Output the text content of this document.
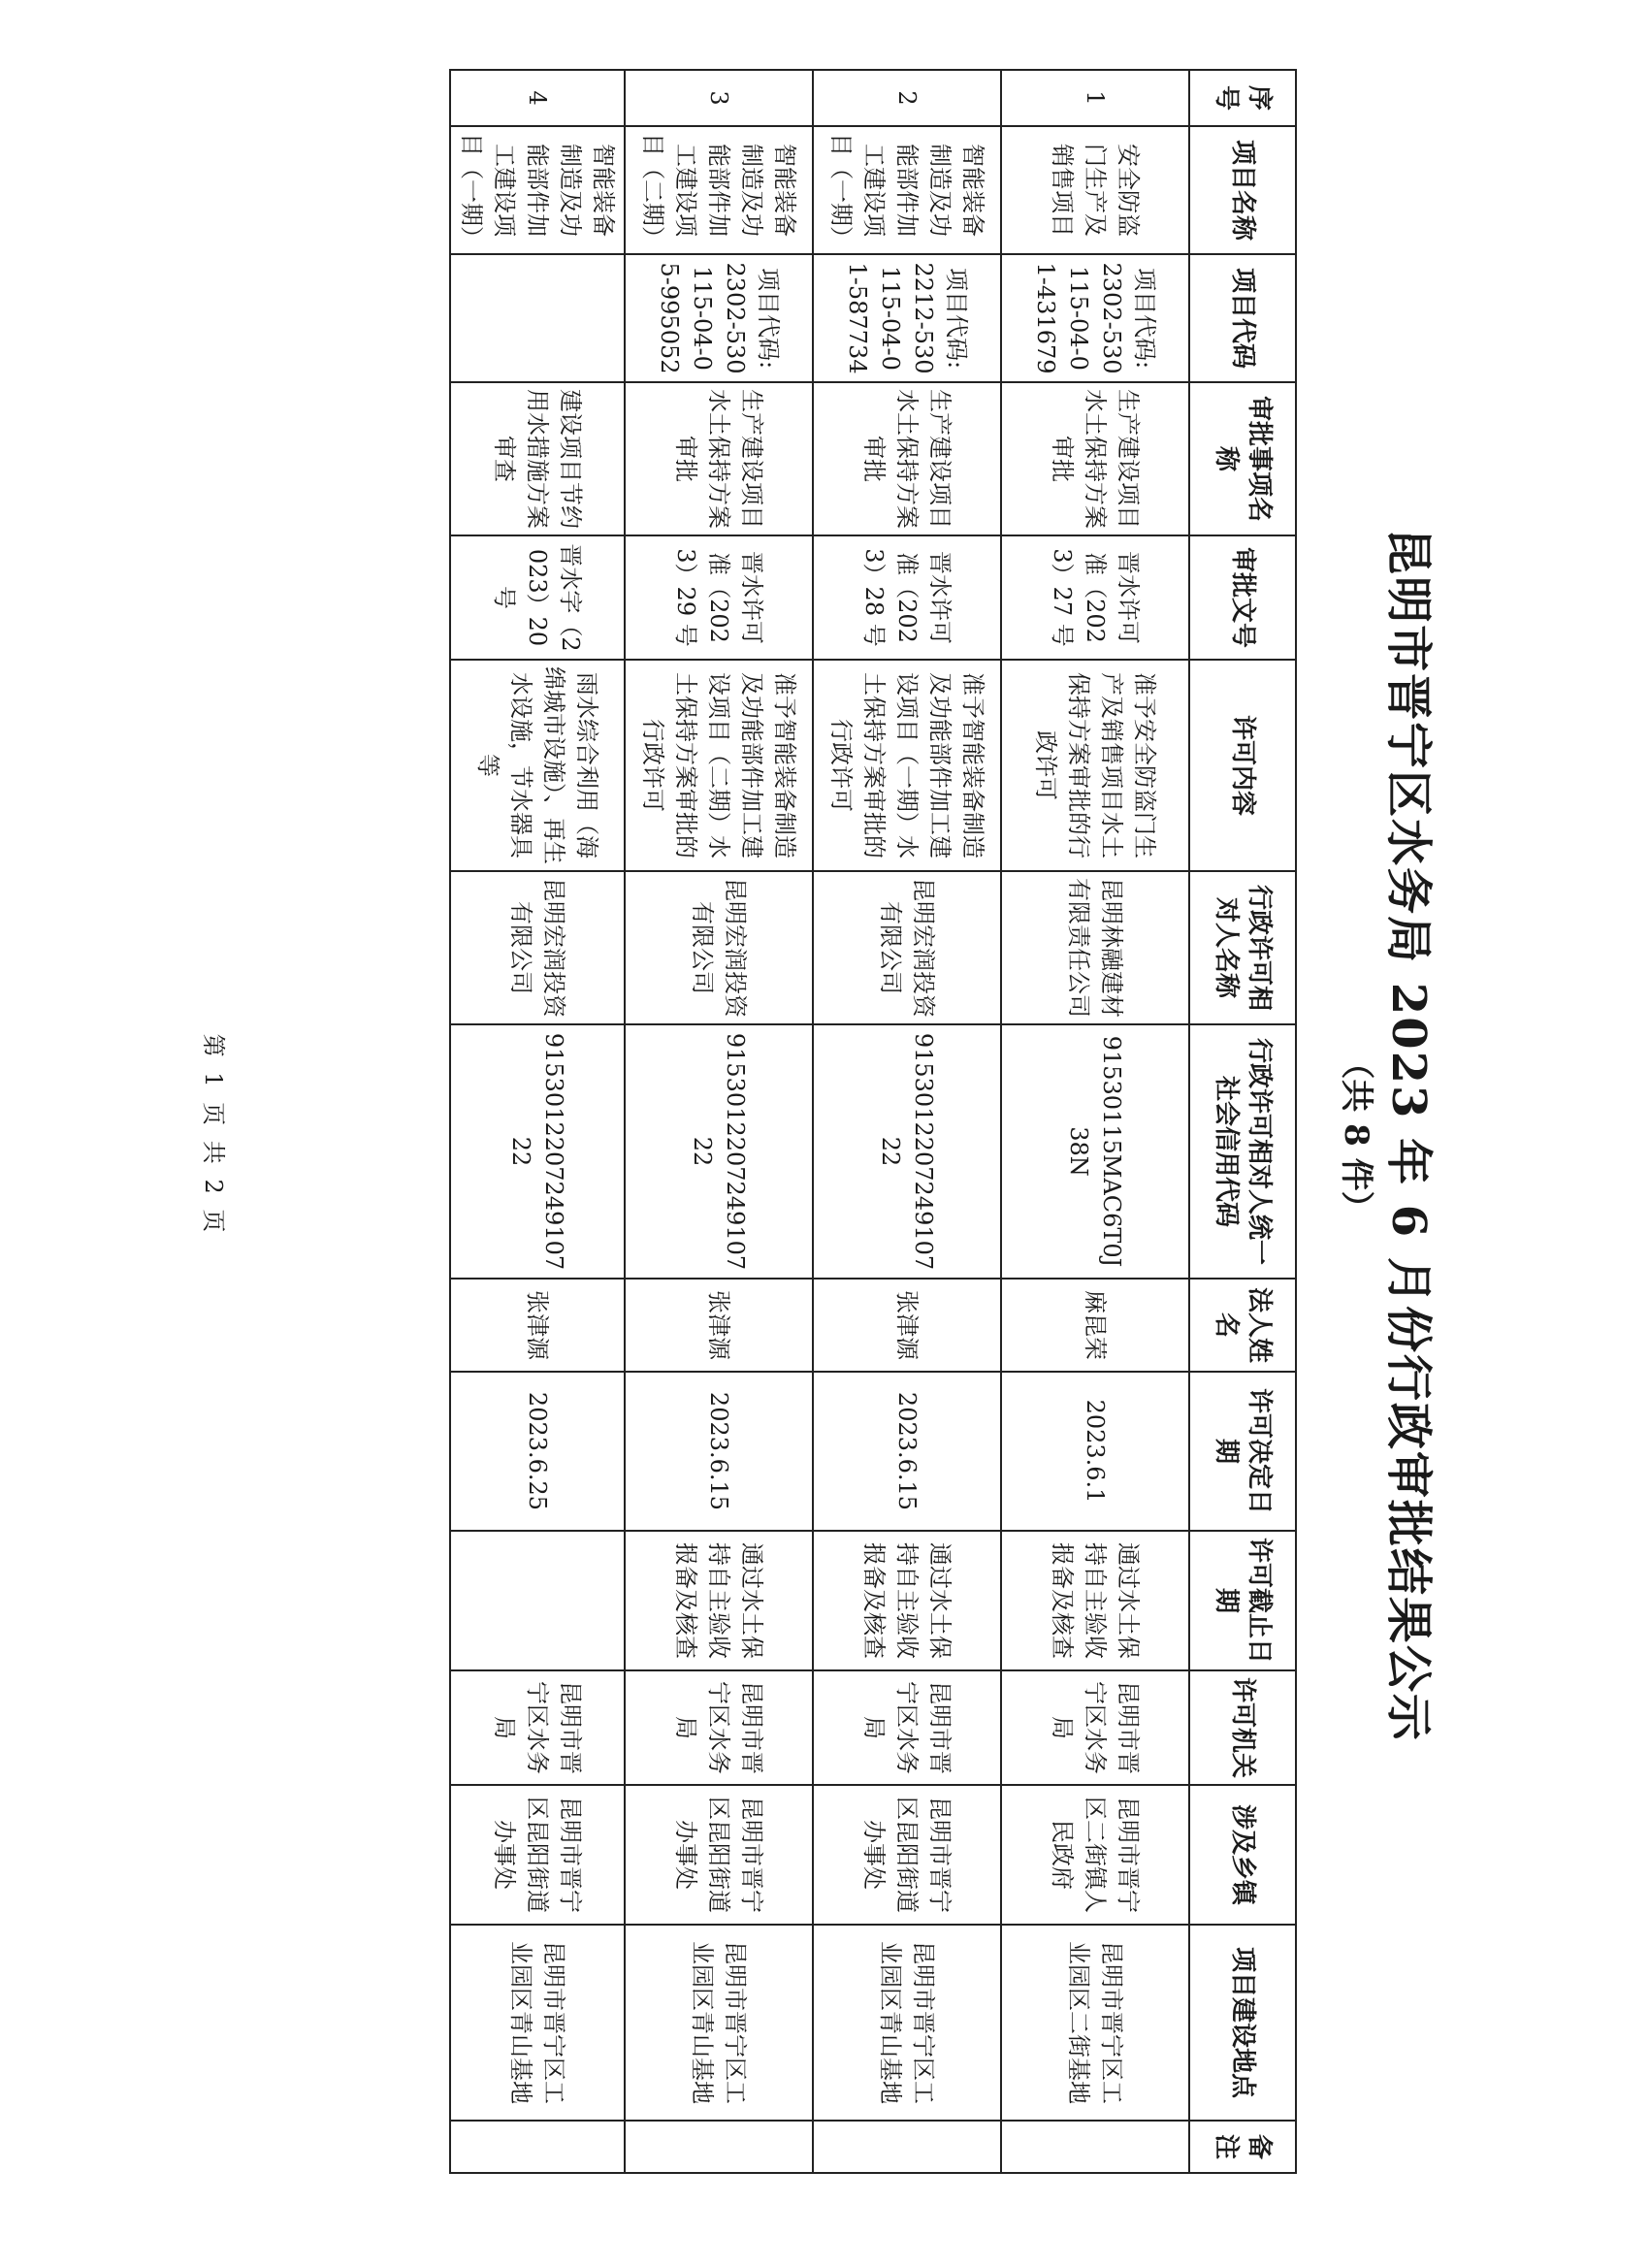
昆明市晋宁区水务局 2023 年 6 月份行政审批结果公示
（共 8 件）
序号	项目名称	项目代码	审批事项名称	审批文号	许可内容	行政许可相对人名称	行政许可相对人统一社会信用代码	法人姓名	许可决定日期	许可截止日期	许可机关	涉及乡镇	项目建设地点	备注
1	安全防盗门生产及销售项目	项目代码:2302-530115-04-01-431679	生产建设项目水土保持方案审批	晋水许可准（2023）27 号	准予安全防盗门生产及销售项目水土保持方案审批的行政许可	昆明林融建材有限责任公司	91530115MAC6T0J38N	麻昆荣	2023.6.1	通过水土保持自主验收报备及核查	昆明市晋宁区水务局	昆明市晋宁区二街镇人民政府	昆明市晋宁区工业园区二街基地	
2	智能装备制造及功能部件加工建设项目（一期）	项目代码:2212-530115-04-01-587734	生产建设项目水土保持方案审批	晋水许可准（2023）28 号	准予智能装备制造及功能部件加工建设项目（一期）水土保持方案审批的行政许可	昆明宏润投资有限公司	915301220724910722	张津源	2023.6.15	通过水土保持自主验收报备及核查	昆明市晋宁区水务局	昆明市晋宁区昆阳街道办事处	昆明市晋宁区工业园区青山基地	
3	智能装备制造及功能部件加工建设项目（二期）	项目代码:2302-530115-04-05-995052	生产建设项目水土保持方案审批	晋水许可准（2023）29 号	准予智能装备制造及功能部件加工建设项目（二期）水土保持方案审批的行政许可	昆明宏润投资有限公司	915301220724910722	张津源	2023.6.15	通过水土保持自主验收报备及核查	昆明市晋宁区水务局	昆明市晋宁区昆阳街道办事处	昆明市晋宁区工业园区青山基地	
4	智能装备制造及功能部件加工建设项目（一期）		建设项目节约用水措施方案审查	晋水字（2023）20 号	雨水综合利用（海绵城市设施）、再生水设施，节水器具等	昆明宏润投资有限公司	915301220724910722	张津源	2023.6.25		昆明市晋宁区水务局	昆明市晋宁区昆阳街道办事处	昆明市晋宁区工业园区青山基地	
第 1 页 共 2 页
